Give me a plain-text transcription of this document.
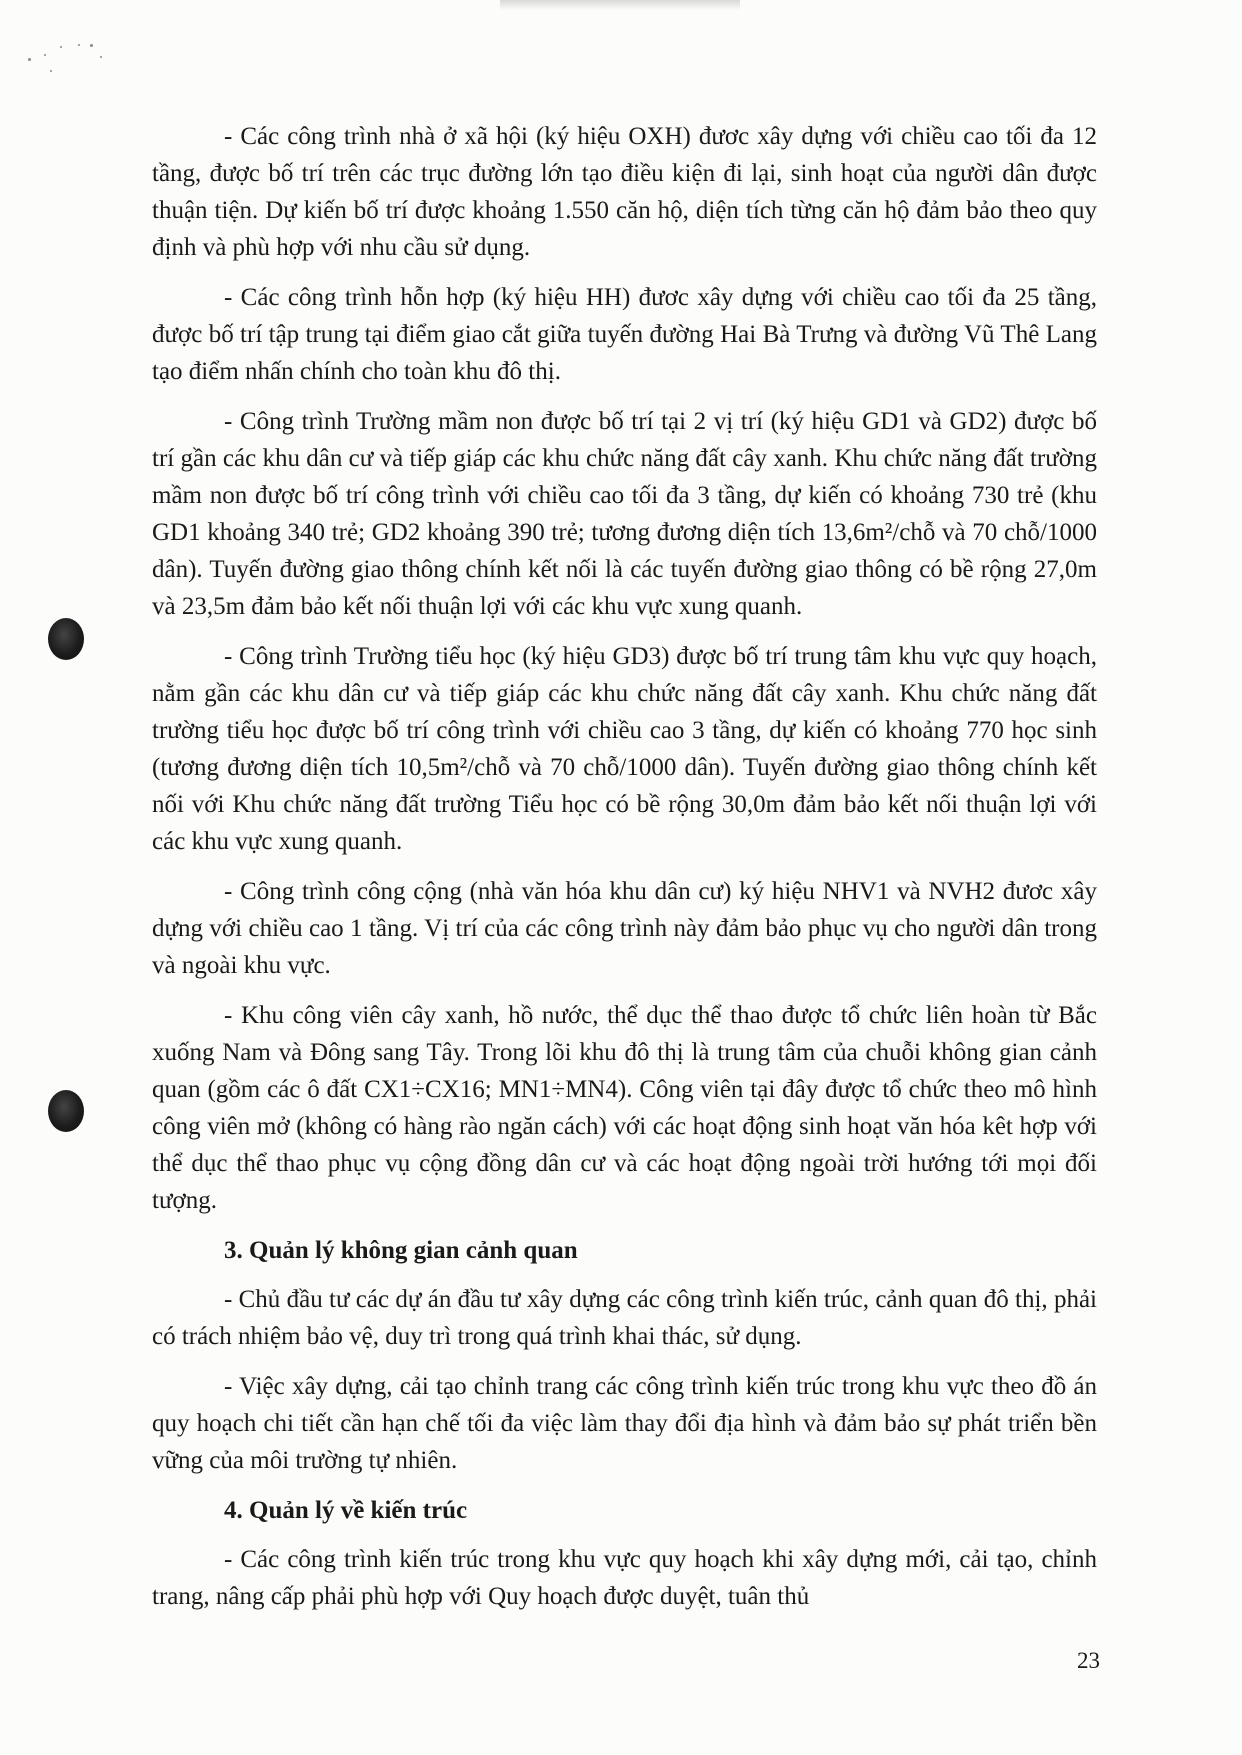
- Các công trình nhà ở xã hội (ký hiệu OXH) đươc xây dựng với chiều cao tối đa 12 tầng, được bố trí trên các trục đường lớn tạo điều kiện đi lại, sinh hoạt của người dân được thuận tiện. Dự kiến bố trí được khoảng 1.550 căn hộ, diện tích từng căn hộ đảm bảo theo quy định và phù hợp với nhu cầu sử dụng.

- Các công trình hỗn hợp (ký hiệu HH) đươc xây dựng với chiều cao tối đa 25 tầng, được bố trí tập trung tại điểm giao cắt giữa tuyến đường Hai Bà Trưng và đường Vũ Thê Lang tạo điểm nhấn chính cho toàn khu đô thị.

- Công trình Trường mầm non được bố trí tại 2 vị trí (ký hiệu GD1 và GD2) được bố trí gần các khu dân cư và tiếp giáp các khu chức năng đất cây xanh. Khu chức năng đất trường mầm non được bố trí công trình với chiều cao tối đa 3 tầng, dự kiến có khoảng 730 trẻ (khu GD1 khoảng 340 trẻ; GD2 khoảng 390 trẻ; tương đương diện tích 13,6m²/chỗ và 70 chỗ/1000 dân). Tuyến đường giao thông chính kết nối là các tuyến đường giao thông có bề rộng 27,0m và 23,5m đảm bảo kết nối thuận lợi với các khu vực xung quanh.

- Công trình Trường tiểu học (ký hiệu GD3) được bố trí trung tâm khu vực quy hoạch, nằm gần các khu dân cư và tiếp giáp các khu chức năng đất cây xanh. Khu chức năng đất trường tiểu học được bố trí công trình với chiều cao 3 tầng, dự kiến có khoảng 770 học sinh (tương đương diện tích 10,5m²/chỗ và 70 chỗ/1000 dân). Tuyến đường giao thông chính kết nối với Khu chức năng đất trường Tiểu học có bề rộng 30,0m đảm bảo kết nối thuận lợi với các khu vực xung quanh.

- Công trình công cộng (nhà văn hóa khu dân cư) ký hiệu NHV1 và NVH2 đươc xây dựng với chiều cao 1 tầng. Vị trí của các công trình này đảm bảo phục vụ cho người dân trong và ngoài khu vực.

- Khu công viên cây xanh, hồ nước, thể dục thể thao được tổ chức liên hoàn từ Bắc xuống Nam và Đông sang Tây. Trong lõi khu đô thị là trung tâm của chuỗi không gian cảnh quan (gồm các ô đất CX1÷CX16; MN1÷MN4). Công viên tại đây được tổ chức theo mô hình công viên mở (không có hàng rào ngăn cách) với các hoạt động sinh hoạt văn hóa kêt hợp với thể dục thể thao phục vụ cộng đồng dân cư và các hoạt động ngoài trời hướng tới mọi đối tượng.

3. Quản lý không gian cảnh quan

- Chủ đầu tư các dự án đầu tư xây dựng các công trình kiến trúc, cảnh quan đô thị, phải có trách nhiệm bảo vệ, duy trì trong quá trình khai thác, sử dụng.

- Việc xây dựng, cải tạo chỉnh trang các công trình kiến trúc trong khu vực theo đồ án quy hoạch chi tiết cần hạn chế tối đa việc làm thay đổi địa hình và đảm bảo sự phát triển bền vững của môi trường tự nhiên.

4. Quản lý về kiến trúc

- Các công trình kiến trúc trong khu vực quy hoạch khi xây dựng mới, cải tạo, chỉnh trang, nâng cấp phải phù hợp với Quy hoạch được duyệt, tuân thủ

23
